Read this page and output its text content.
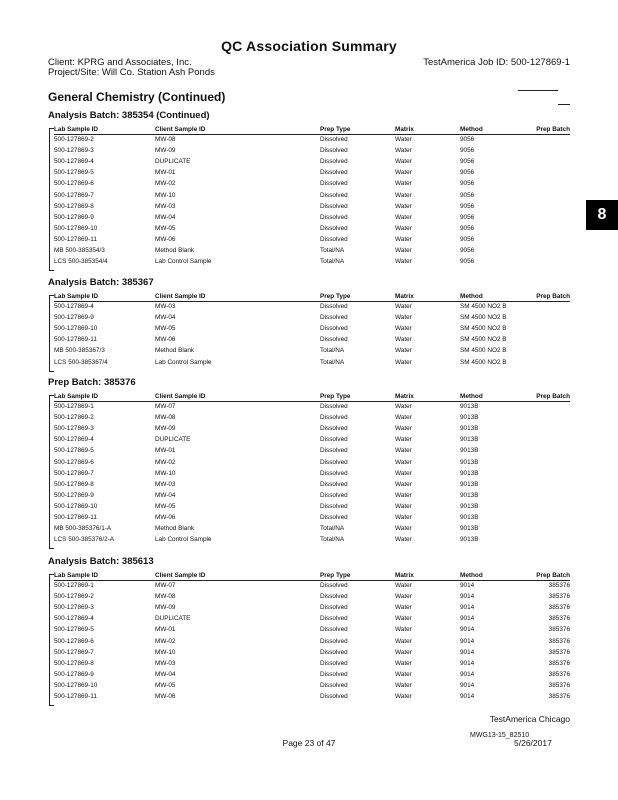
QC Association Summary
Client: KPRG and Associates, Inc.
Project/Site: Will Co. Station Ash Ponds
TestAmerica Job ID: 500-127869-1
General Chemistry (Continued)
8
Analysis Batch: 385354 (Continued)
Lab Sample ID	Client Sample ID	Prep Type	Matrix	Method	Prep Batch
500-127869-2	MW-08	Dissolved	Water	9056
500-127869-3	MW-09	Dissolved	Water	9056
500-127869-4	DUPLICATE	Dissolved	Water	9056
500-127869-5	MW-01	Dissolved	Water	9056
500-127869-6	MW-02	Dissolved	Water	9056
500-127869-7	MW-10	Dissolved	Water	9056
500-127869-8	MW-03	Dissolved	Water	9056
500-127869-9	MW-04	Dissolved	Water	9056
500-127869-10	MW-05	Dissolved	Water	9056
500-127869-11	MW-06	Dissolved	Water	9056
MB 500-385354/3	Method Blank	Total/NA	Water	9056
LCS 500-385354/4	Lab Control Sample	Total/NA	Water	9056
Analysis Batch: 385367
Lab Sample ID	Client Sample ID	Prep Type	Matrix	Method	Prep Batch
500-127869-4	MW-03	Dissolved	Water	SM 4500 NO2 B
500-127869-9	MW-04	Dissolved	Water	SM 4500 NO2 B
500-127869-10	MW-05	Dissolved	Water	SM 4500 NO2 B
500-127869-11	MW-06	Dissolved	Water	SM 4500 NO2 B
MB 500-385367/3	Method Blank	Total/NA	Water	SM 4500 NO2 B
LCS 500-385367/4	Lab Control Sample	Total/NA	Water	SM 4500 NO2 B
Prep Batch: 385376
Lab Sample ID	Client Sample ID	Prep Type	Matrix	Method	Prep Batch
500-127869-1	MW-07	Dissolved	Water	9013B
500-127869-2	MW-08	Dissolved	Water	9013B
500-127869-3	MW-09	Dissolved	Water	9013B
500-127869-4	DUPLICATE	Dissolved	Water	9013B
500-127869-5	MW-01	Dissolved	Water	9013B
500-127869-6	MW-02	Dissolved	Water	9013B
500-127869-7	MW-10	Dissolved	Water	9013B
500-127869-8	MW-03	Dissolved	Water	9013B
500-127869-9	MW-04	Dissolved	Water	9013B
500-127869-10	MW-05	Dissolved	Water	9013B
500-127869-11	MW-06	Dissolved	Water	9013B
MB 500-385376/1-A	Method Blank	Total/NA	Water	9013B
LCS 500-385376/2-A	Lab Control Sample	Total/NA	Water	9013B
Analysis Batch: 385613
Lab Sample ID	Client Sample ID	Prep Type	Matrix	Method	Prep Batch
500-127869-1	MW-07	Dissolved	Water	9014	385376
500-127869-2	MW-08	Dissolved	Water	9014	385376
500-127869-3	MW-09	Dissolved	Water	9014	385376
500-127869-4	DUPLICATE	Dissolved	Water	9014	385376
500-127869-5	MW-01	Dissolved	Water	9014	385376
500-127869-6	MW-02	Dissolved	Water	9014	385376
500-127869-7	MW-10	Dissolved	Water	9014	385376
500-127869-8	MW-03	Dissolved	Water	9014	385376
500-127869-9	MW-04	Dissolved	Water	9014	385376
500-127869-10	MW-05	Dissolved	Water	9014	385376
500-127869-11	MW-06	Dissolved	Water	9014	385376
TestAmerica Chicago
Page 23 of 47
MWG13-15_82510
5/26/2017
